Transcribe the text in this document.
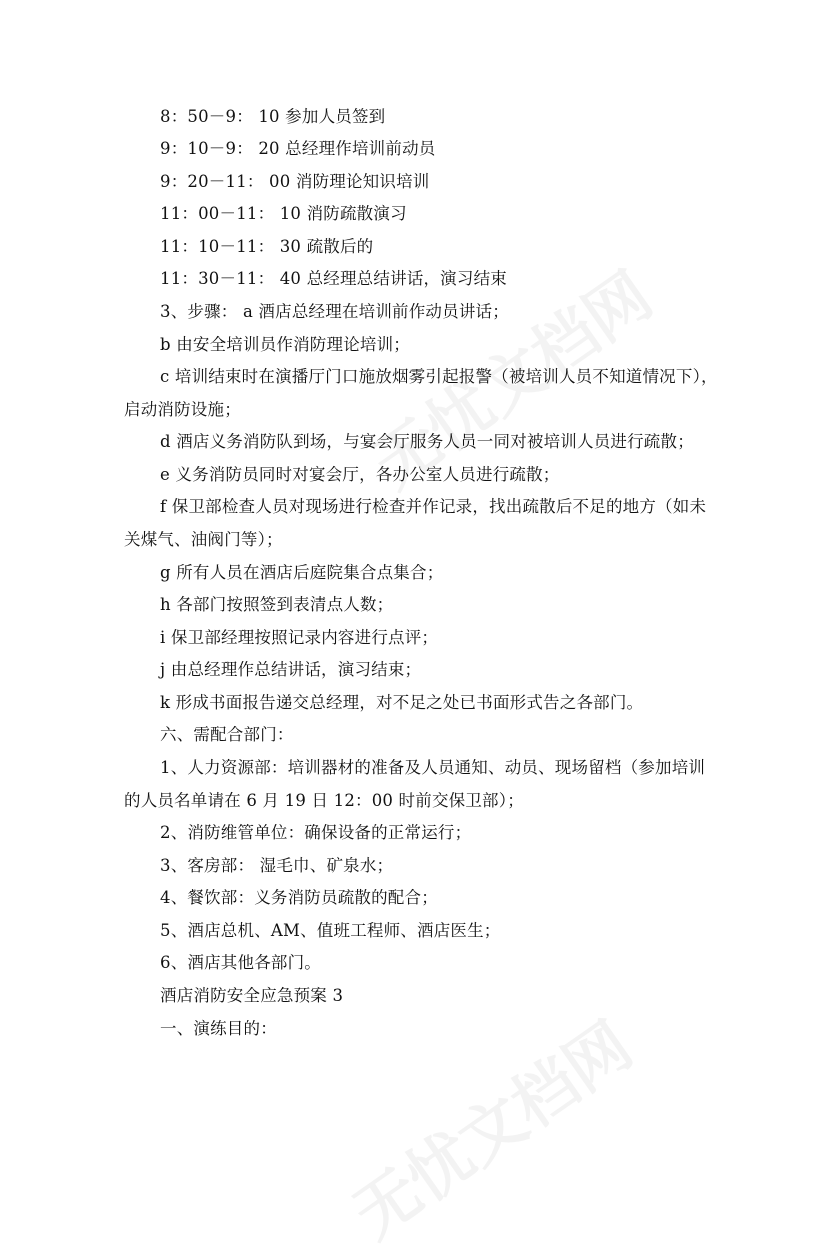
8：50－9： 10 参加人员签到
9：10－9： 20 总经理作培训前动员
9：20－11： 00 消防理论知识培训
11：00－11： 10 消防疏散演习
11：10－11： 30 疏散后的
11：30－11： 40 总经理总结讲话，演习结束
3、步骤： a 酒店总经理在培训前作动员讲话；
b 由安全培训员作消防理论培训；
c 培训结束时在演播厅门口施放烟雾引起报警（被培训人员不知道情况下），
启动消防设施；
d 酒店义务消防队到场，与宴会厅服务人员一同对被培训人员进行疏散；
e 义务消防员同时对宴会厅，各办公室人员进行疏散；
f 保卫部检查人员对现场进行检查并作记录，找出疏散后不足的地方（如未
关煤气、油阀门等）；
g 所有人员在酒店后庭院集合点集合；
h 各部门按照签到表清点人数；
i 保卫部经理按照记录内容进行点评；
j 由总经理作总结讲话，演习结束；
k 形成书面报告递交总经理，对不足之处已书面形式告之各部门。
六、需配合部门：
1、人力资源部：培训器材的准备及人员通知、动员、现场留档（参加培训
的人员名单请在 6 月 19 日 12：00 时前交保卫部）；
2、消防维管单位：确保设备的正常运行；
3、客房部： 湿毛巾、矿泉水；
4、餐饮部：义务消防员疏散的配合；
5、酒店总机、AM、值班工程师、酒店医生；
6、酒店其他各部门。
酒店消防安全应急预案 3
一、演练目的：
